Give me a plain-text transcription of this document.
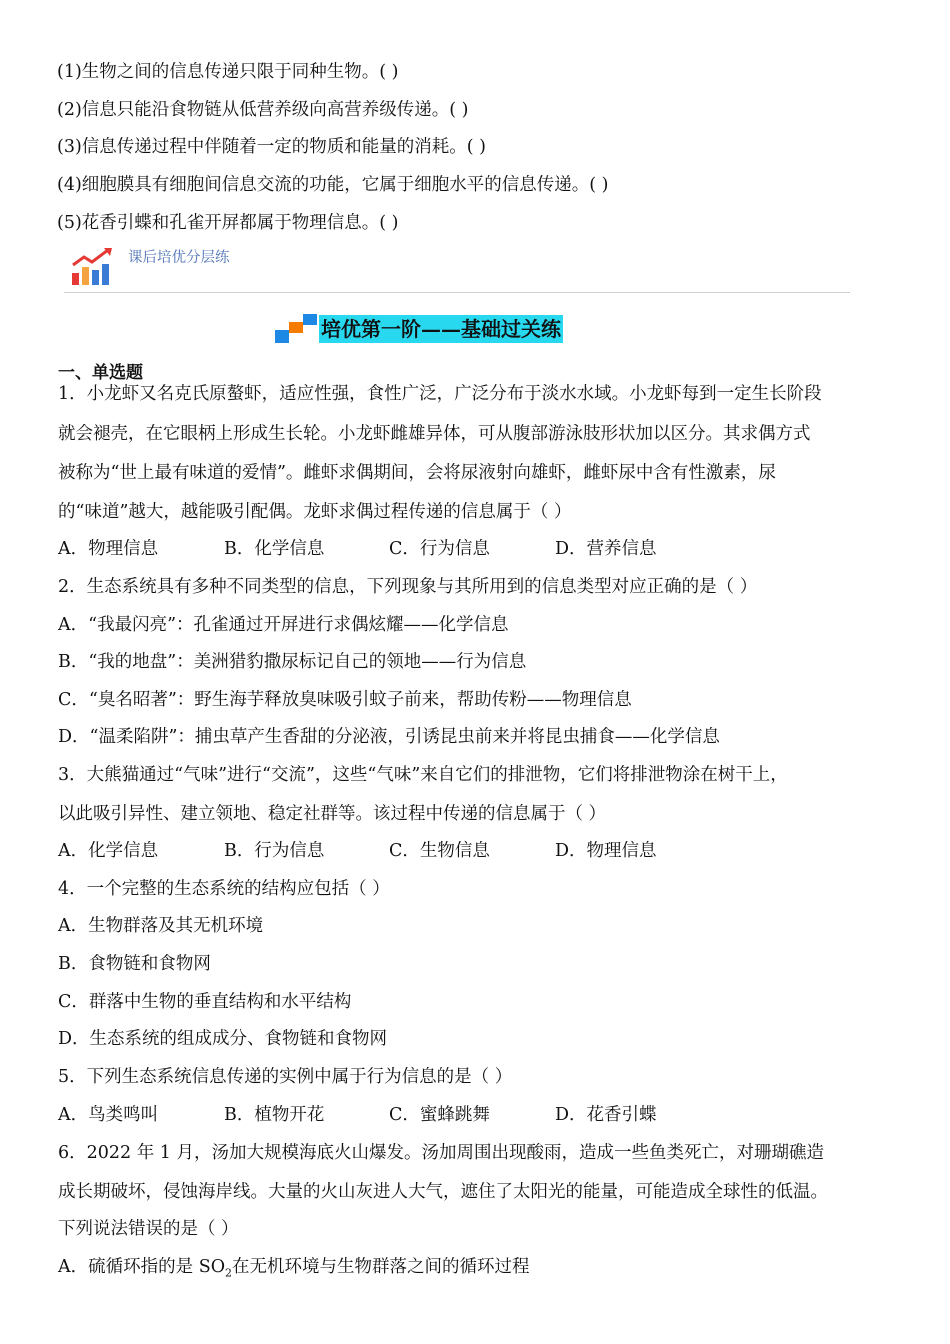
(1)生物之间的信息传递只限于同种生物。( )
(2)信息只能沿食物链从低营养级向高营养级传递。( )
(3)信息传递过程中伴随着一定的物质和能量的消耗。( )
(4)细胞膜具有细胞间信息交流的功能，它属于细胞水平的信息传递。( )
(5)花香引蝶和孔雀开屏都属于物理信息。( )
课后培优分层练
培优第一阶——基础过关练
一、单选题
1．小龙虾又名克氏原螯虾，适应性强，食性广泛，广泛分布于淡水水域。小龙虾每到一定生长阶段
就会褪壳，在它眼柄上形成生长轮。小龙虾雌雄异体，可从腹部游泳肢形状加以区分。其求偶方式
被称为“世上最有味道的爱情”。雌虾求偶期间，会将尿液射向雄虾，雌虾尿中含有性激素，尿
的“味道”越大，越能吸引配偶。龙虾求偶过程传递的信息属于（ ）
A．物理信息	B．化学信息	C．行为信息	D．营养信息
2．生态系统具有多种不同类型的信息，下列现象与其所用到的信息类型对应正确的是（ ）
A．“我最闪亮”：孔雀通过开屏进行求偶炫耀——化学信息
B．“我的地盘”：美洲猎豹撒尿标记自己的领地——行为信息
C．“臭名昭著”：野生海芋释放臭味吸引蚊子前来，帮助传粉——物理信息
D．“温柔陷阱”：捕虫草产生香甜的分泌液，引诱昆虫前来并将昆虫捕食——化学信息
3．大熊猫通过“气味”进行“交流”，这些“气味”来自它们的排泄物，它们将排泄物涂在树干上，
以此吸引异性、建立领地、稳定社群等。该过程中传递的信息属于（ ）
A．化学信息	B．行为信息	C．生物信息	D．物理信息
4．一个完整的生态系统的结构应包括（ ）
A．生物群落及其无机环境
B．食物链和食物网
C．群落中生物的垂直结构和水平结构
D．生态系统的组成成分、食物链和食物网
5．下列生态系统信息传递的实例中属于行为信息的是（ ）
A．鸟类鸣叫	B．植物开花	C．蜜蜂跳舞	D．花香引蝶
6．2022 年 1 月，汤加大规模海底火山爆发。汤加周围出现酸雨，造成一些鱼类死亡，对珊瑚礁造
成长期破坏，侵蚀海岸线。大量的火山灰进人大气，遮住了太阳光的能量，可能造成全球性的低温。
下列说法错误的是（ ）
A．硫循环指的是 $SO_2$在无机环境与生物群落之间的循环过程
